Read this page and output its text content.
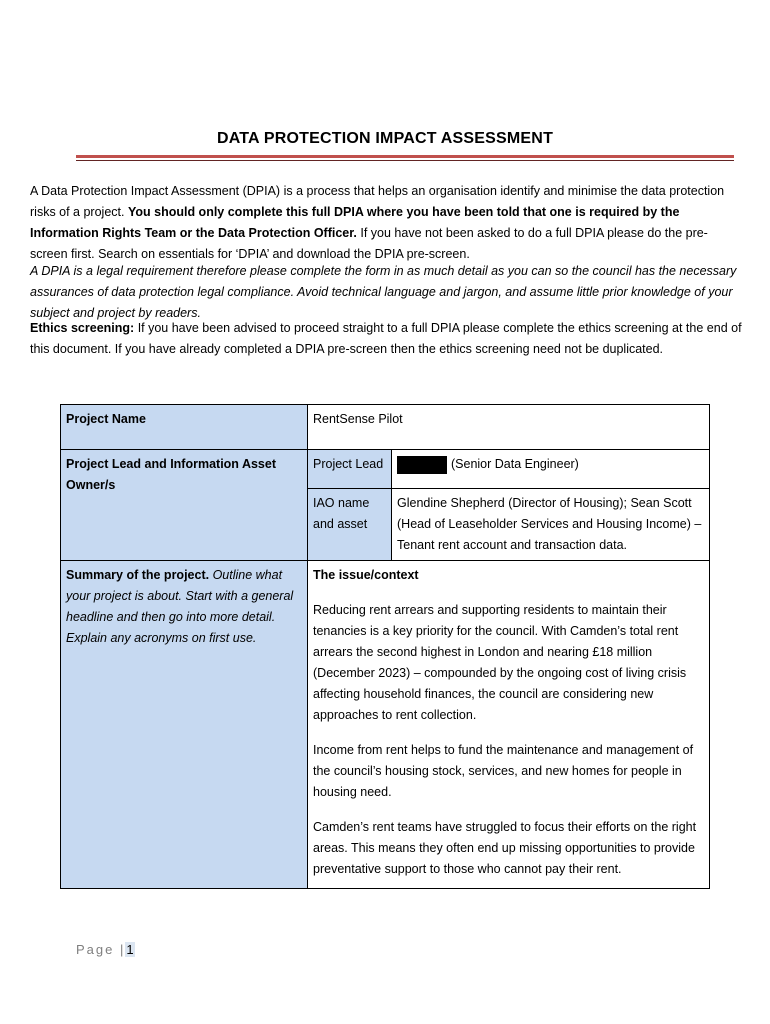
DATA PROTECTION IMPACT ASSESSMENT
A Data Protection Impact Assessment (DPIA) is a process that helps an organisation identify and minimise the data protection risks of a project. You should only complete this full DPIA where you have been told that one is required by the Information Rights Team or the Data Protection Officer. If you have not been asked to do a full DPIA please do the pre-screen first. Search on essentials for ‘DPIA’ and download the DPIA pre-screen.
A DPIA is a legal requirement therefore please complete the form in as much detail as you can so the council has the necessary assurances of data protection legal compliance. Avoid technical language and jargon, and assume little prior knowledge of your subject and project by readers.
Ethics screening: If you have been advised to proceed straight to a full DPIA please complete the ethics screening at the end of this document. If you have already completed a DPIA pre-screen then the ethics screening need not be duplicated.
Project Name	RentSense Pilot	
Project Lead and Information Asset Owner/s	Project Lead	(Senior Data Engineer)
	IAO name and asset	Glendine Shepherd (Director of Housing); Sean Scott (Head of Leaseholder Services and Housing Income) – Tenant rent account and transaction data.
Summary of the project. Outline what your project is about. Start with a general headline and then go into more detail. Explain any acronyms on first use.	The issue/context

Reducing rent arrears and supporting residents to maintain their tenancies is a key priority for the council. With Camden’s total rent arrears the second highest in London and nearing £18 million (December 2023) – compounded by the ongoing cost of living crisis affecting household finances, the council are considering new approaches to rent collection.

Income from rent helps to fund the maintenance and management of the council’s housing stock, services, and new homes for people in housing need.

Camden’s rent teams have struggled to focus their efforts on the right areas. This means they often end up missing opportunities to provide preventative support to those who cannot pay their rent.	

Page |1
